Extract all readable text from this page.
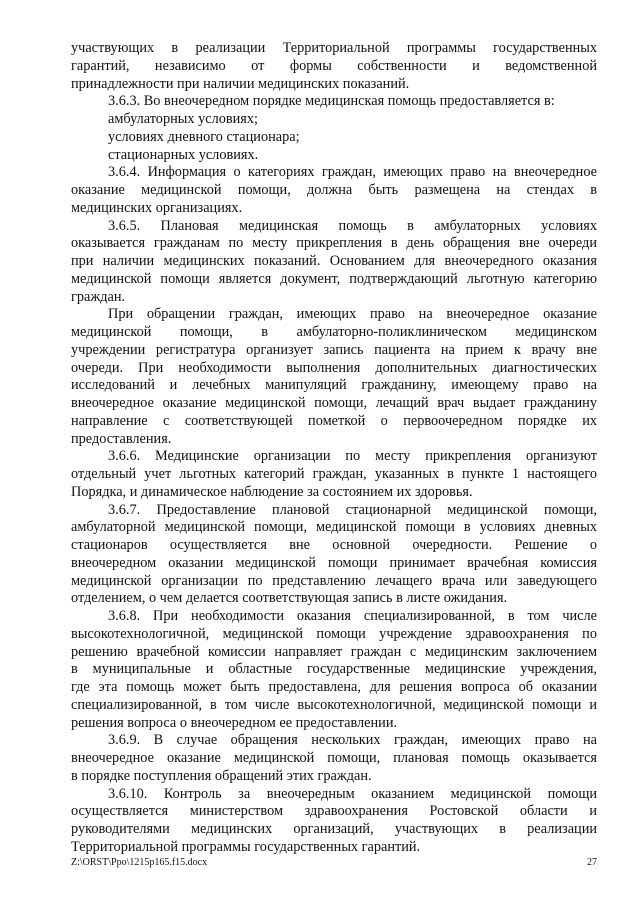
участвующих в реализации Территориальной программы государственных
гарантий, независимо от формы собственности и ведомственной
принадлежности при наличии медицинских показаний.
3.6.3. Во внеочередном порядке медицинская помощь предоставляется в:
амбулаторных условиях;
условиях дневного стационара;
стационарных условиях.
3.6.4. Информация о категориях граждан, имеющих право на внеочередное
оказание медицинской помощи, должна быть размещена на стендах в
медицинских организациях.
3.6.5. Плановая медицинская помощь в амбулаторных условиях
оказывается гражданам по месту прикрепления в день обращения вне очереди
при наличии медицинских показаний. Основанием для внеочередного оказания
медицинской помощи является документ, подтверждающий льготную категорию
граждан.
При обращении граждан, имеющих право на внеочередное оказание
медицинской помощи, в амбулаторно-поликлиническом медицинском
учреждении регистратура организует запись пациента на прием к врачу вне
очереди. При необходимости выполнения дополнительных диагностических
исследований и лечебных манипуляций гражданину, имеющему право на
внеочередное оказание медицинской помощи, лечащий врач выдает гражданину
направление с соответствующей пометкой о первоочередном порядке их
предоставления.
3.6.6. Медицинские организации по месту прикрепления организуют
отдельный учет льготных категорий граждан, указанных в пункте 1 настоящего
Порядка, и динамическое наблюдение за состоянием их здоровья.
3.6.7. Предоставление плановой стационарной медицинской помощи,
амбулаторной медицинской помощи, медицинской помощи в условиях дневных
стационаров осуществляется вне основной очередности. Решение о
внеочередном оказании медицинской помощи принимает врачебная комиссия
медицинской организации по представлению лечащего врача или заведующего
отделением, о чем делается соответствующая запись в листе ожидания.
3.6.8. При необходимости оказания специализированной, в том числе
высокотехнологичной, медицинской помощи учреждение здравоохранения по
решению врачебной комиссии направляет граждан с медицинским заключением
в муниципальные и областные государственные медицинские учреждения,
где эта помощь может быть предоставлена, для решения вопроса об оказании
специализированной, в том числе высокотехнологичной, медицинской помощи и
решения вопроса о внеочередном ее предоставлении.
3.6.9. В случае обращения нескольких граждан, имеющих право на
внеочередное оказание медицинской помощи, плановая помощь оказывается
в порядке поступления обращений этих граждан.
3.6.10. Контроль за внеочередным оказанием медицинской помощи
осуществляется министерством здравоохранения Ростовской области и
руководителями медицинских организаций, участвующих в реализации
Территориальной программы государственных гарантий.
Z:\ORST\Ppo\1215p165.f15.docx	27
